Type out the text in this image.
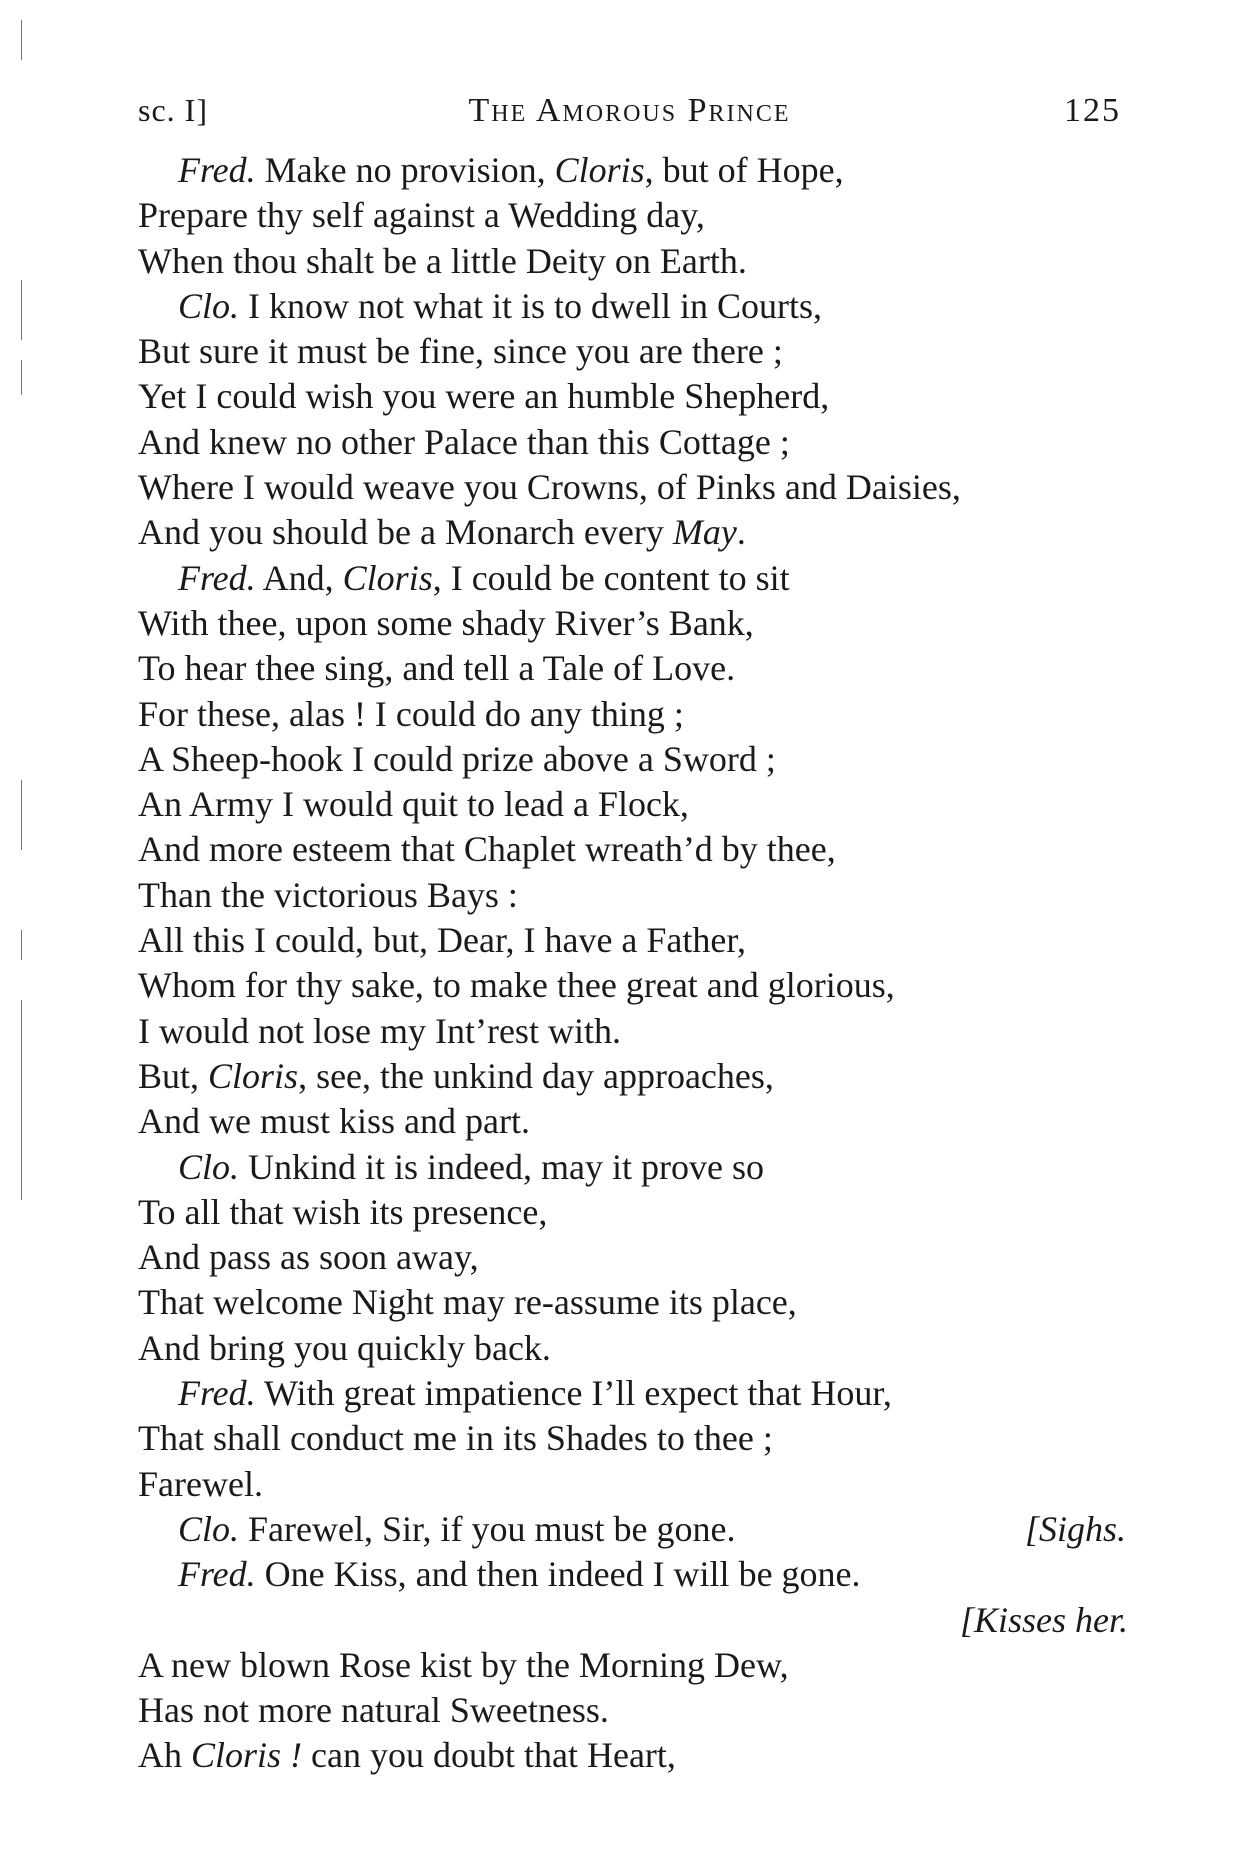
sc. I]	The Amorous Prince	125
Fred. Make no provision, Cloris, but of Hope,
Prepare thy self against a Wedding day,
When thou shalt be a little Deity on Earth.
Clo. I know not what it is to dwell in Courts,
But sure it must be fine, since you are there ;
Yet I could wish you were an humble Shepherd,
And knew no other Palace than this Cottage ;
Where I would weave you Crowns, of Pinks and Daisies,
And you should be a Monarch every May.
Fred. And, Cloris, I could be content to sit
With thee, upon some shady River’s Bank,
To hear thee sing, and tell a Tale of Love.
For these, alas ! I could do any thing ;
A Sheep-hook I could prize above a Sword ;
An Army I would quit to lead a Flock,
And more esteem that Chaplet wreath’d by thee,
Than the victorious Bays :
All this I could, but, Dear, I have a Father,
Whom for thy sake, to make thee great and glorious,
I would not lose my Int’rest with.
But, Cloris, see, the unkind day approaches,
And we must kiss and part.
Clo. Unkind it is indeed, may it prove so
To all that wish its presence,
And pass as soon away,
That welcome Night may re-assume its place,
And bring you quickly back.
Fred. With great impatience I’ll expect that Hour,
That shall conduct me in its Shades to thee ;
Farewel.
Clo. Farewel, Sir, if you must be gone.	[Sighs.
Fred. One Kiss, and then indeed I will be gone.
[Kisses her.
A new blown Rose kist by the Morning Dew,
Has not more natural Sweetness.
Ah Cloris ! can you doubt that Heart,
